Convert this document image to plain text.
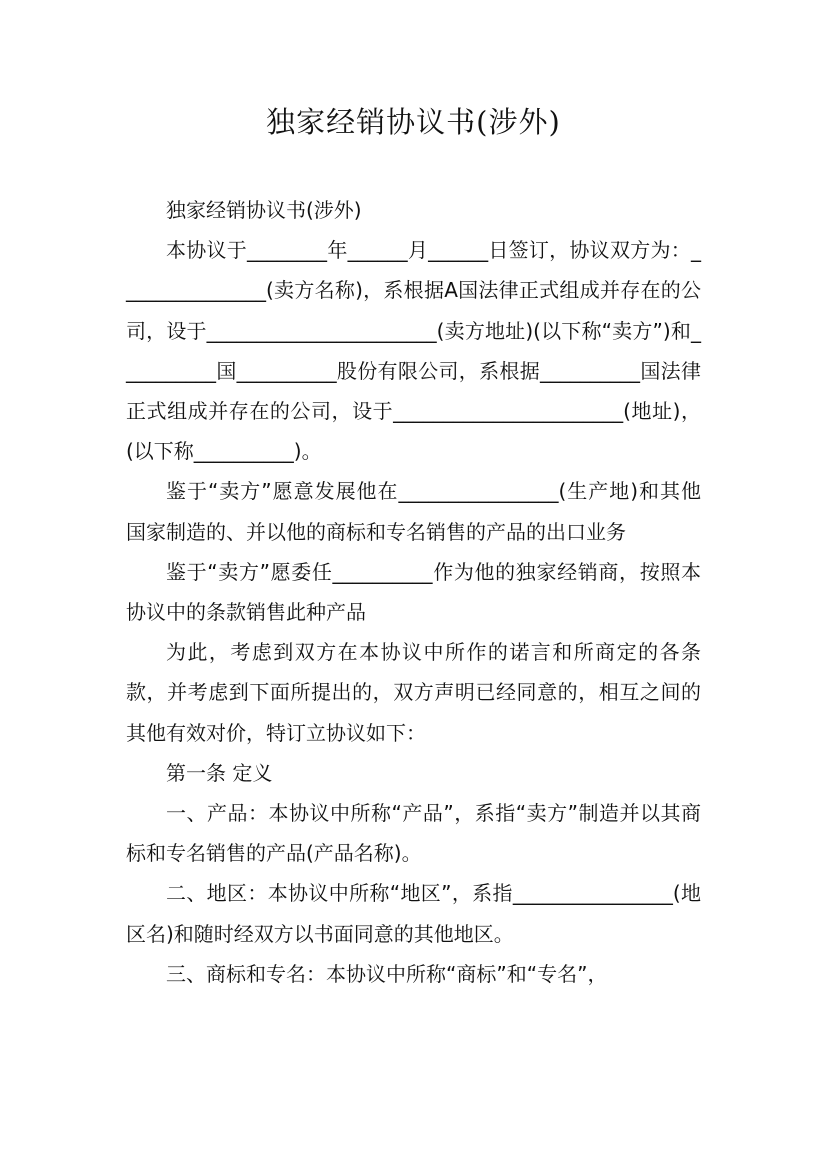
独家经销协议书(涉外)

独家经销协议书(涉外)

本协议于________年______月______日签订，协议双方为：_______________(卖方名称)，系根据A国法律正式组成并存在的公司，设于_______________________(卖方地址)(以下称“卖方”)和__________国__________股份有限公司，系根据__________国法律正式组成并存在的公司，设于_______________________(地址)，(以下称__________)。

鉴于“卖方”愿意发展他在________________(生产地)和其他国家制造的、并以他的商标和专名销售的产品的出口业务

鉴于“卖方”愿委任__________作为他的独家经销商，按照本协议中的条款销售此种产品

为此，考虑到双方在本协议中所作的诺言和所商定的各条款，并考虑到下面所提出的，双方声明已经同意的，相互之间的其他有效对价，特订立协议如下：

第一条 定义

一、产品：本协议中所称“产品”，系指“卖方”制造并以其商标和专名销售的产品(产品名称)。

二、地区：本协议中所称“地区”，系指________________(地区名)和随时经双方以书面同意的其他地区。

三、商标和专名：本协议中所称“商标”和“专名”，
